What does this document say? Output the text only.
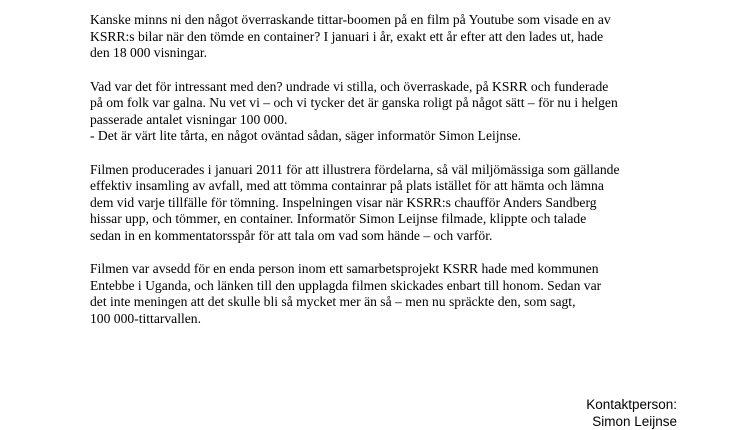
Kanske minns ni den något överraskande tittar-boomen på en film på Youtube som visade en av
KSRR:s bilar när den tömde en container? I januari i år, exakt ett år efter att den lades ut, hade
den 18 000 visningar.

Vad var det för intressant med den? undrade vi stilla, och överraskade, på KSRR och funderade
på om folk var galna. Nu vet vi – och vi tycker det är ganska roligt på något sätt – för nu i helgen
passerade antalet visningar 100 000.
- Det är värt lite tårta, en något oväntad sådan, säger informatör Simon Leijnse.

Filmen producerades i januari 2011 för att illustrera fördelarna, så väl miljömässiga som gällande
effektiv insamling av avfall, med att tömma containrar på plats istället för att hämta och lämna
dem vid varje tillfälle för tömning. Inspelningen visar när KSRR:s chaufför Anders Sandberg
hissar upp, och tömmer, en container. Informatör Simon Leijnse filmade, klippte och talade
sedan in en kommentatorsspår för att tala om vad som hände – och varför.

Filmen var avsedd för en enda person inom ett samarbetsprojekt KSRR hade med kommunen
Entebbe i Uganda, och länken till den upplagda filmen skickades enbart till honom. Sedan var
det inte meningen att det skulle bli så mycket mer än så – men nu spräckte den, som sagt,
100 000-tittarvallen.

Kontaktperson:
Simon Leijnse
